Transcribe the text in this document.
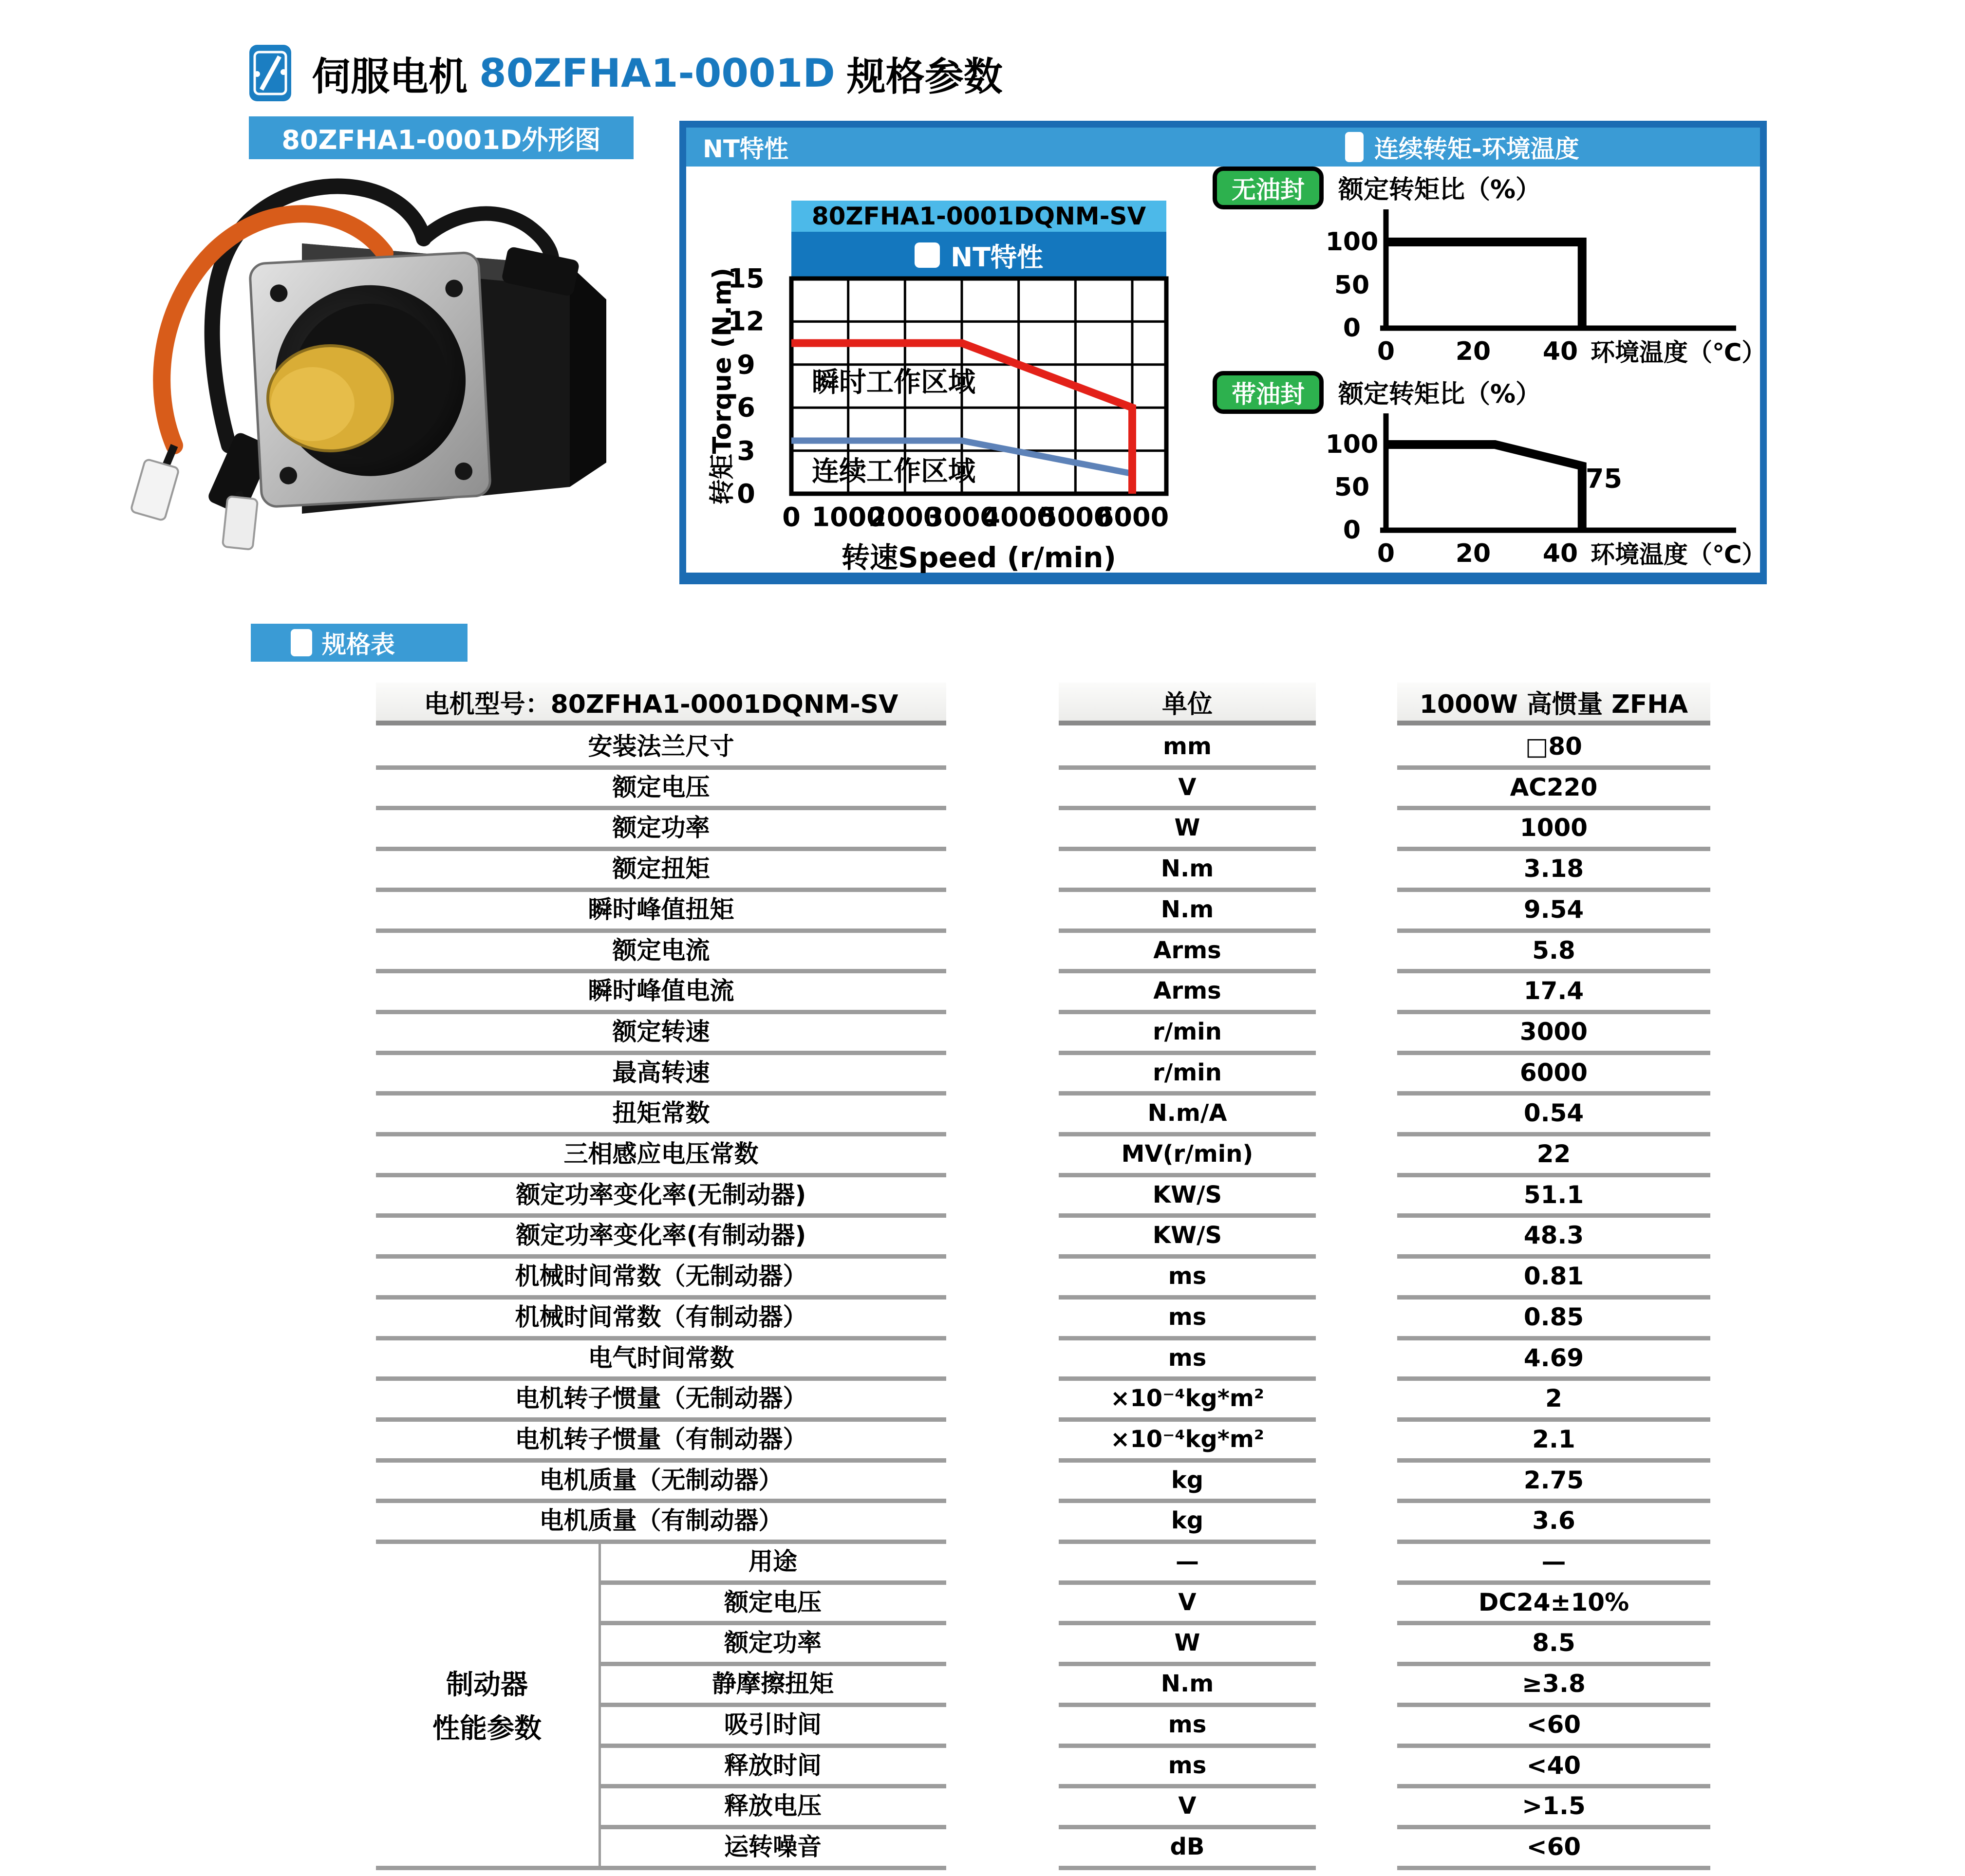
伺服电机 80ZFHA1-0001D 规格参数
80ZFHA1-0001D外形图	NT特性	连续转矩-环境温度
80ZFHA1-0001DQNM-SV
NT特性
转矩Torque (N.m)
转速Speed (r/min)
无油封	额定转矩比（%）
环境温度（℃）
带油封	额定转矩比（%）
环境温度（℃）
规格表
电机型号：80ZFHA1-0001DQNM-SV	单位	1000W 高惯量 ZFHA
制动器
性能参数
0 1000
2000
3000
4000
5000
6000
0
3
6
9
12
15
瞬时工作区域
连续工作区域
0
50
100
0 20 40
0
50
100
0 20 40
75
安装法兰尺寸	mm	□80
额定电压	V	AC220
额定功率	W	1000
额定扭矩	N.m	3.18
瞬时峰值扭矩	N.m	9.54
额定电流	Arms	5.8
瞬时峰值电流	Arms	17.4
额定转速	r/min	3000
最高转速	r/min	6000
扭矩常数	N.m/A	0.54
三相感应电压常数	MV(r/min)	22
额定功率变化率(无制动器)	KW/S	51.1
额定功率变化率(有制动器)	KW/S	48.3
机械时间常数（无制动器）	ms	0.81
机械时间常数（有制动器）	ms	0.85
电气时间常数	ms	4.69
电机转子惯量（无制动器）	×10⁻⁴kg*m²	2
电机转子惯量（有制动器）	×10⁻⁴kg*m²	2.1
电机质量（无制动器）	kg	2.75
电机质量（有制动器）	kg	3.6
用途	—	—
额定电压	V	DC24±10%
额定功率	W	8.5
静摩擦扭矩	N.m	≥3.8
吸引时间	ms	<60
释放时间	ms	<40
释放电压	V	>1.5
运转噪音	dB	<60
